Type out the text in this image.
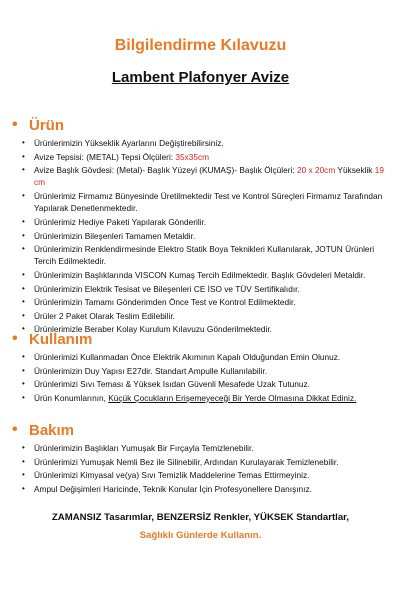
Bilgilendirme Kılavuzu
Lambent Plafonyer Avize
• Ürün
• Ürünlerimizin Yükseklik Ayarlarını Değiştirebilirsiniz.
• Avize Tepsisi: (METAL) Tepsi Ölçüleri: 35x35cm
• Avize Başlık Gövdesi: (Metal)- Başlık Yüzeyi (KUMAŞ)- Başlık Ölçüleri: 20 x 20cm Yükseklik 19 cm
• Ürünlerimiz Firmamız Bünyesinde Üretilmektedir Test ve Kontrol Süreçleri Firmamız Tarafından Yapılarak Denetlenmektedir.
• Ürünlerimiz Hediye Paketi Yapılarak Gönderilir.
• Ürünlerimizin Bileşenleri Tamamen Metaldir.
• Ürünlerimizin Renklendirmesinde Elektro Statik Boya Teknikleri Kullanılarak, JOTUN Ürünleri Tercih Edilmektedir.
• Ürünlerimizin Başlıklarında VISCON Kumaş Tercih Edilmektedir. Başlık Gövdeleri Metaldir.
• Ürünlerimizin Elektrik Tesisat ve Bileşenleri CE İSO ve TÜV Sertifikalıdır.
• Ürünlerimizin Tamamı Gönderimden Önce Test ve Kontrol Edilmektedir.
• Ürüler 2 Paket Olarak Teslim Edilebilir.
• Ürünlerimizle Beraber Kolay Kurulum Kılavuzu Gönderilmektedir.
• Kullanım
• Ürünlerimizi Kullanmadan Önce Elektrik Akımının Kapalı Olduğundan Emin Olunuz.
• Ürünlerimizin Duy Yapısı E27dir. Standart Ampulle Kullanılabilir.
• Ürünlerimizi Sıvı Teması & Yüksek Isıdan Güvenli Mesafede Uzak Tutunuz.
• Ürün Konumlarının, Küçük Çocukların Erişemeyeceği Bir Yerde Olmasına Dikkat Ediniz.
• Bakım
• Ürünlerimizin Başlıkları Yumuşak Bir Fırçayla Temizlenebilir.
• Ürünlerimizi Yumuşak Nemli Bez ile Silinebilir, Ardından Kurulayarak Temizlenebilir.
• Ürünlerimizi Kimyasal ve(ya) Sıvı Temizlik Maddelerine Temas Ettirmeyiniz.
• Ampul Değişimleri Haricinde, Teknik Konular İçin Profesyonellere Danışınız.
ZAMANSIZ Tasarımlar, BENZERSİZ Renkler, YÜKSEK Standartlar,
Sağlıklı Günlerde Kullanın.
